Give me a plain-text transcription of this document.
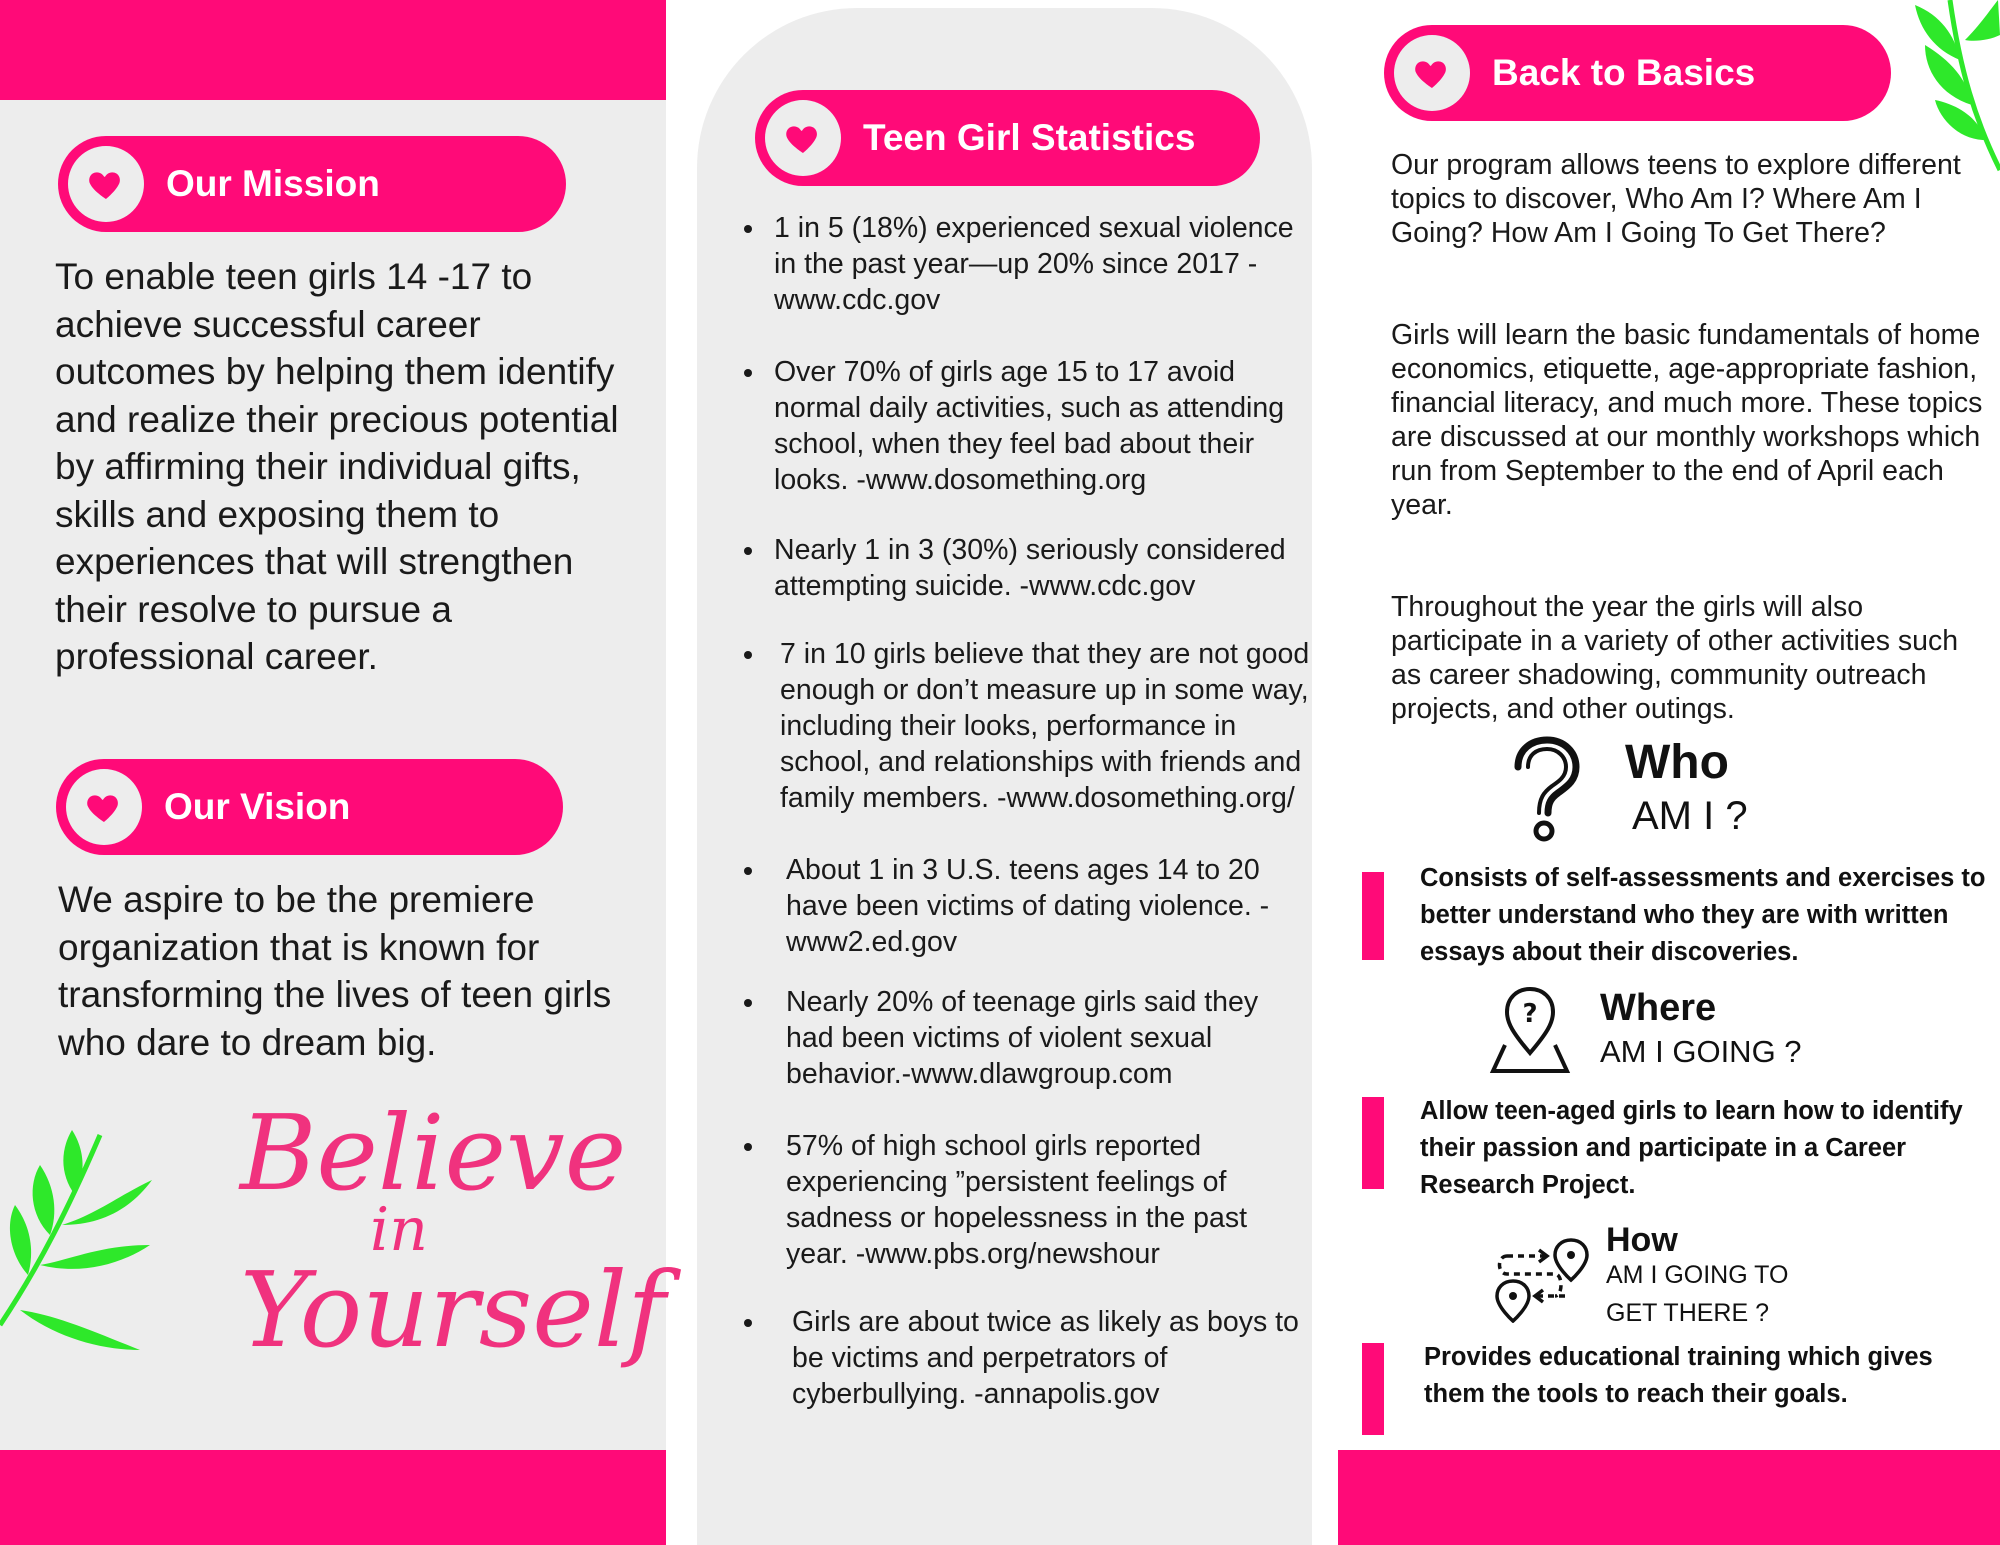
Our Mission
To enable teen girls 14 -17 to achieve successful career outcomes by helping them identify and realize their precious potential by affirming their individual gifts, skills and exposing them to experiences that will strengthen their resolve to pursue a professional career.
Our Vision
We aspire to be the premiere organization that is known for transforming the lives of teen girls who dare to dream big.
Believe
in
Yourself
Teen Girl Statistics
1 in 5 (18%) experienced sexual violence in the past year—up 20% since 2017 - www.cdc.gov
Over 70% of girls age 15 to 17 avoid normal daily activities, such as attending school, when they feel bad about their looks. -www.dosomething.org
Nearly 1 in 3 (30%) seriously considered attempting suicide. -www.cdc.gov
7 in 10 girls believe that they are not good enough or don’t measure up in some way, including their looks, performance in school, and relationships with friends and family members. -www.dosomething.org/
About 1 in 3 U.S. teens ages 14 to 20 have been victims of dating violence. - www2.ed.gov
Nearly 20% of teenage girls said they had been victims of violent sexual behavior.-www.dlawgroup.com
57% of high school girls reported experiencing ”persistent feelings of sadness or hopelessness in the past year. -www.pbs.org/newshour
Girls are about twice as likely as boys to be victims and perpetrators of cyberbullying. -annapolis.gov
Back to Basics
Our program allows teens to explore different topics to discover, Who Am I? Where Am I Going? How Am I Going To Get There?
Girls will learn the basic fundamentals of home economics, etiquette, age-appropriate fashion, financial literacy, and much more. These topics are discussed at our monthly workshops which run from September to the end of April each year.
Throughout the year the girls will also participate in a variety of other activities such as career shadowing, community outreach projects, and other outings.
Who
AM I ?
Consists of self-assessments and exercises to better understand who they are with written essays about their discoveries.
? Where
AM I GOING ?
Allow teen-aged girls to learn how to identify their passion and participate in a Career Research Project.
How
AM I GOING TO
GET THERE ?
Provides educational training which gives them the tools to reach their goals.
